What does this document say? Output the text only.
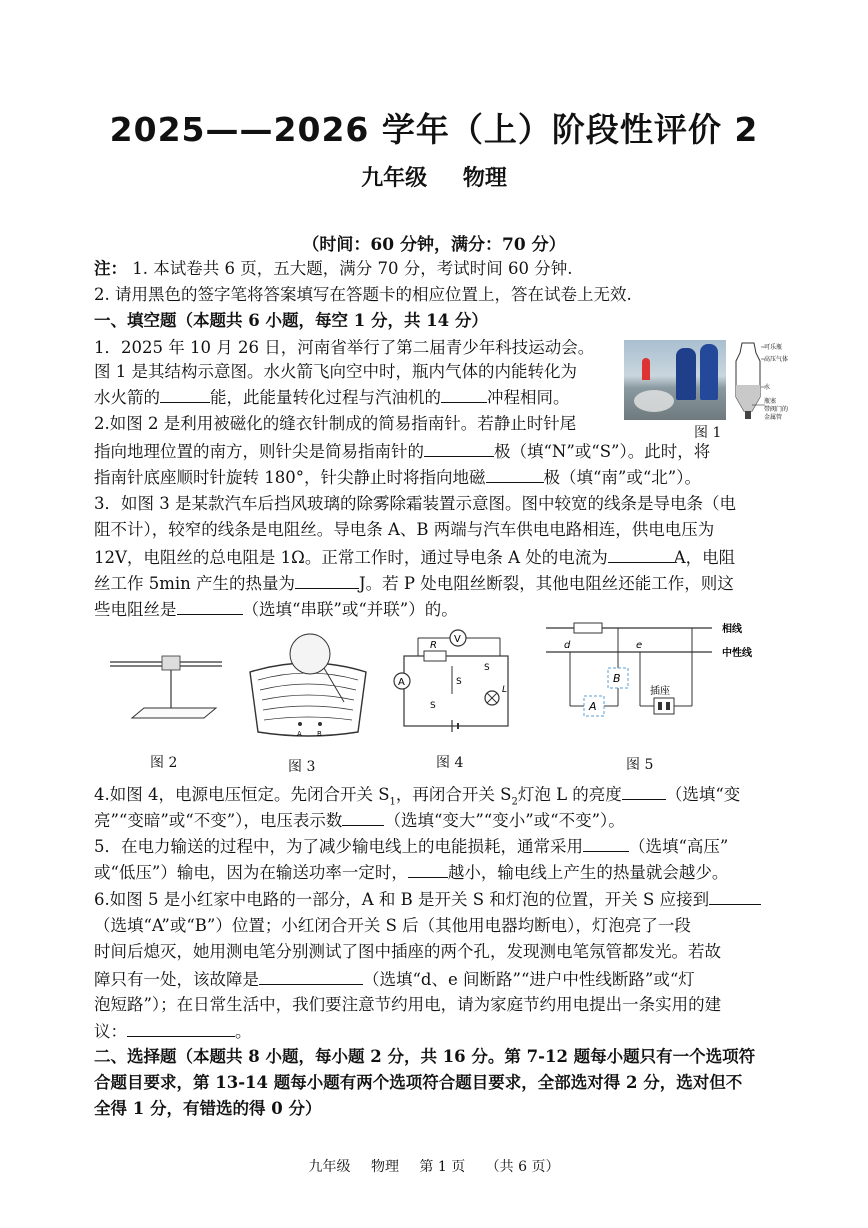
2025——2026 学年（上）阶段性评价 2
九年级 物理
（时间：60 分钟，满分：70 分）
注： 1. 本试卷共 6 页，五大题，满分 70 分，考试时间 60 分钟.
2. 请用黑色的签字笔将答案填写在答题卡的相应位置上，答在试卷上无效.
一、填空题（本题共 6 小题，每空 1 分，共 14 分）
1．2025 年 10 月 26 日，河南省举行了第二届青少年科技运动会。
图 1 是其结构示意图。水火箭飞向空中时，瓶内气体的内能转化为
水火箭的	能，此能量转化过程与汽油机的	冲程相同。
2.如图 2 是利用被磁化的缝衣针制成的简易指南针。若静止时针尾
指向地理位置的南方，则针尖是简易指南针的	极（填“N”或“S”）。此时，将
指南针底座顺时针旋转 180°，针尖静止时将指向地磁	极（填“南”或“北”）。
3．如图 3 是某款汽车后挡风玻璃的除雾除霜装置示意图。图中较宽的线条是导电条（电
阻不计），较窄的线条是电阻丝。导电条 A、B 两端与汽车供电电路相连，供电电压为
12V，电阻丝的总电阻是 1Ω。正常工作时，通过导电条 A 处的电流为	A，电阻
丝工作 5min 产生的热量为	J。若 P 处电阻丝断裂，其他电阻丝还能工作，则这
些电阻丝是	（选填“串联”或“并联”）的。
可乐瓶
高压气体
水
瓶塞
带阀门的
金属管
图 1
图 2
A B
图 3
V
R
S
A	S
L
S
图 4
相线
中性线
d	e
B
A
插座
图 5
4.如图 4，电源电压恒定。先闭合开关 $S_1$，再闭合开关 $S_2$灯泡 L 的亮度	（选填“变
亮”“变暗”或“不变”），电压表示数	（选填“变大”“变小”或“不变”）。
5．在电力输送的过程中，为了减少输电线上的电能损耗，通常采用	（选填“高压”
或“低压”）输电，因为在输送功率一定时， 越小，输电线上产生的热量就会越少。
6.如图 5 是小红家中电路的一部分，A 和 B 是开关 S 和灯泡的位置，开关 S 应接到
（选填“A”或“B”）位置；小红闭合开关 S 后（其他用电器均断电），灯泡亮了一段
时间后熄灭，她用测电笔分别测试了图中插座的两个孔，发现测电笔氖管都发光。若故
障只有一处，该故障是	（选填“d、e 间断路”“进户中性线断路”或“灯
泡短路”）；在日常生活中，我们要注意节约用电，请为家庭节约用电提出一条实用的建
议：	。
二、选择题（本题共 8 小题，每小题 2 分，共 16 分。第 7-12 题每小题只有一个选项符
合题目要求，第 13-14 题每小题有两个选项符合题目要求，全部选对得 2 分，选对但不
全得 1 分，有错选的得 0 分）
九年级 物理 第 1 页 （共 6 页）
